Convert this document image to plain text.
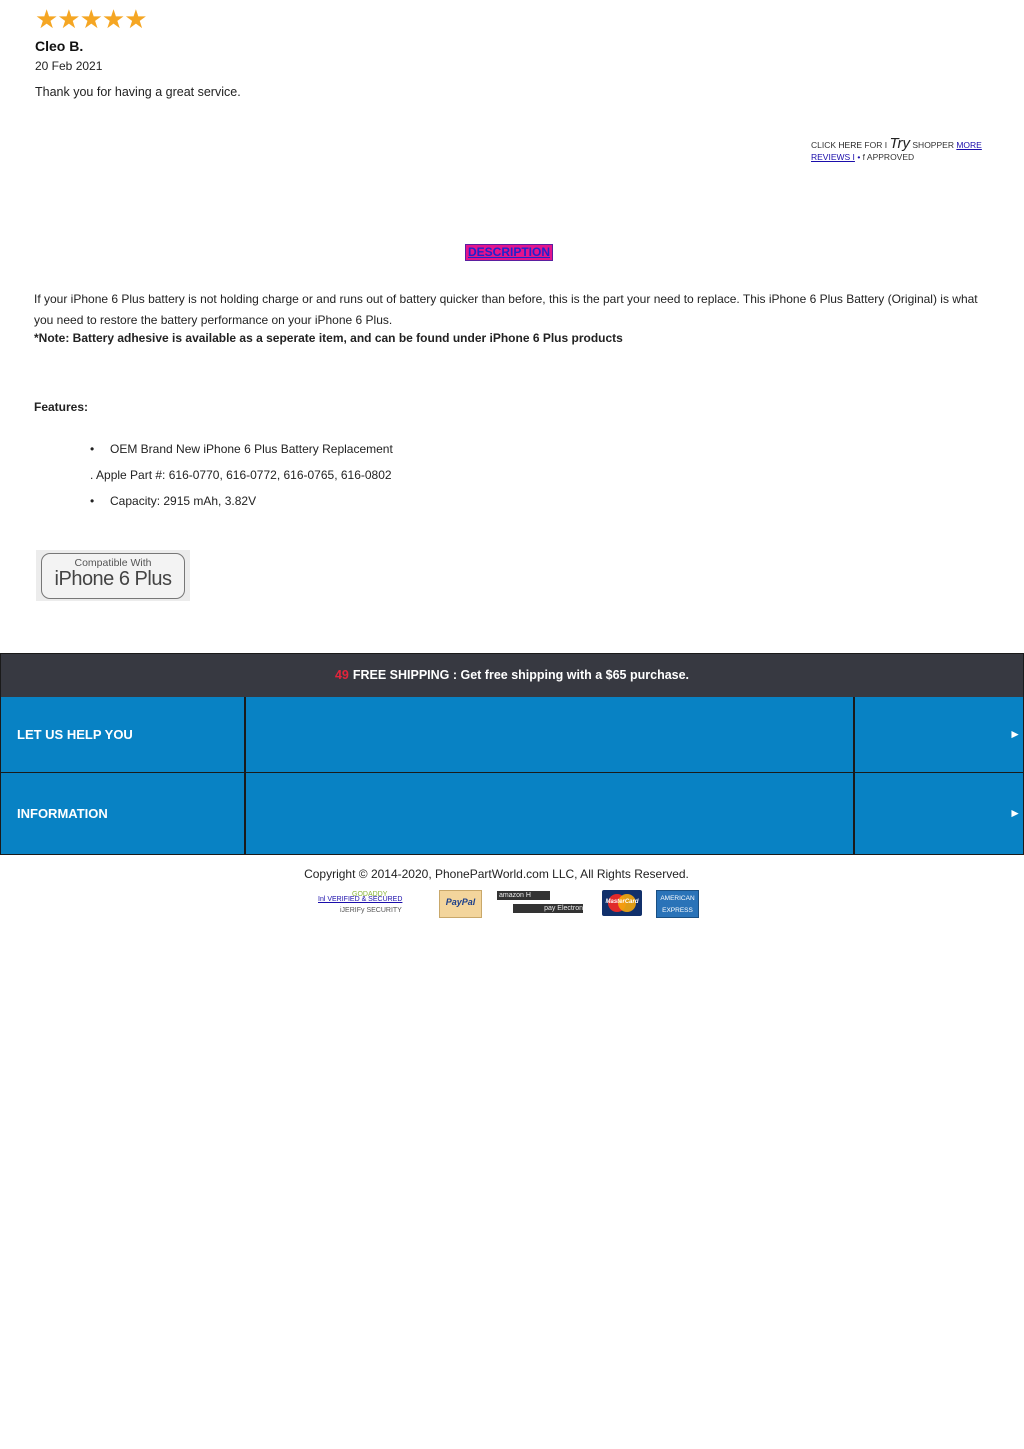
★★★★★
Cleo B.
20 Feb 2021
Thank you for having a great service.
CLICK HERE FOR I Try SHOPPER MORE
REVIEWS I • f APPROVED
DESCRIPTION
If your iPhone 6 Plus battery is not holding charge or and runs out of battery quicker than before, this is the part your need to replace. This iPhone 6 Plus Battery (Original) is what you need to restore the battery performance on your iPhone 6 Plus.
*Note: Battery adhesive is available as a seperate item, and can be found under iPhone 6 Plus products
Features:
• OEM Brand New iPhone 6 Plus Battery Replacement
. Apple Part #: 616-0770, 616-0772, 616-0765, 616-0802
• Capacity: 2915 mAh, 3.82V
Compatible With
iPhone 6 Plus
49 FREE SHIPPING : Get free shipping with a $65 purchase.
LET US HELP YOU	►
INFORMATION	►
Copyright © 2014-2020, PhonePartWorld.com LLC, All Rights Reserved.
GODADDY
Inl VERIFIED & SECURED
iJERIFy SECURITY
PayPal
amazon H
pay Electron
MasterCard	AMERICAN
EXPRESS
